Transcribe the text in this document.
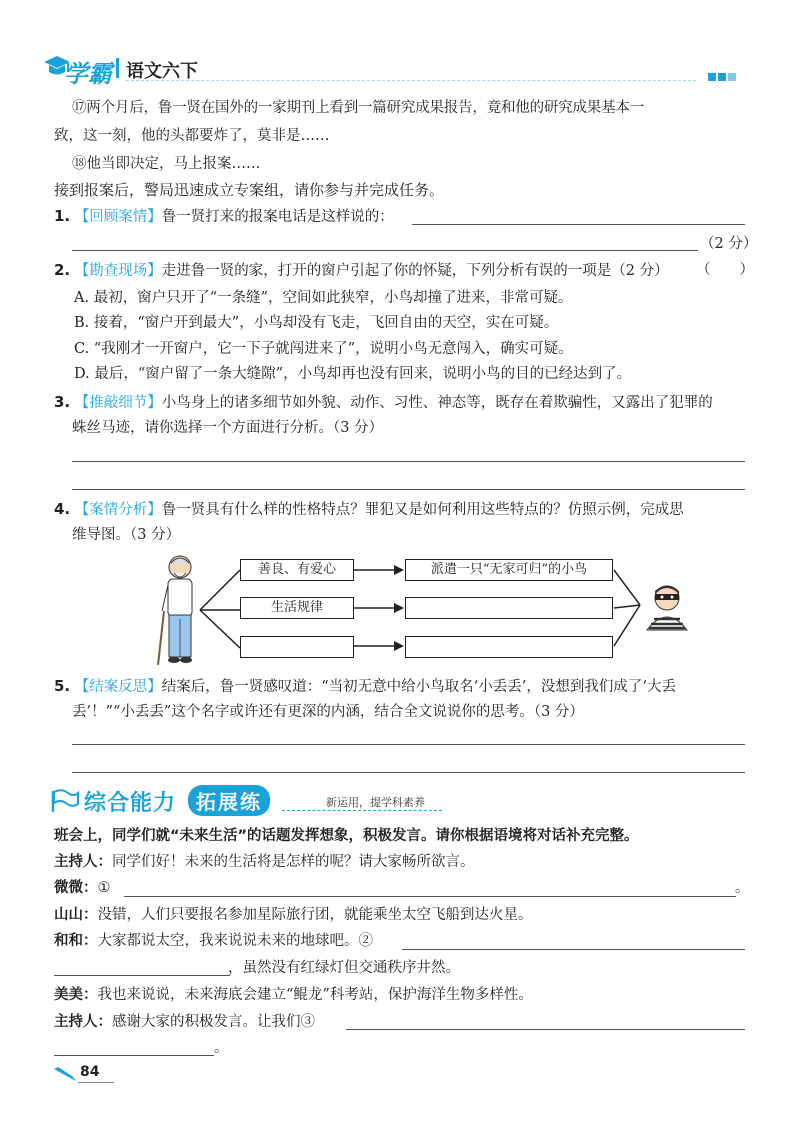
学霸 语文六下
⑰两个月后，鲁一贤在国外的一家期刊上看到一篇研究成果报告，竟和他的研究成果基本一
致，这一刻，他的头都要炸了，莫非是……
⑱他当即决定，马上报案……
接到报案后，警局迅速成立专案组，请你参与并完成任务。
1. 【回顾案情】鲁一贤打来的报案电话是这样说的：
（2 分）
2. 【勘查现场】走进鲁一贤的家，打开的窗户引起了你的怀疑，下列分析有误的一项是（2 分） （　　）
A. 最初，窗户只开了“一条缝”，空间如此狭窄，小鸟却撞了进来，非常可疑。
B. 接着，“窗户开到最大”，小鸟却没有飞走，飞回自由的天空，实在可疑。
C. “我刚才一开窗户，它一下子就闯进来了”，说明小鸟无意闯入，确实可疑。
D. 最后，“窗户留了一条大缝隙”，小鸟却再也没有回来，说明小鸟的目的已经达到了。
3. 【推敲细节】小鸟身上的诸多细节如外貌、动作、习性、神态等，既存在着欺骗性，又露出了犯罪的
蛛丝马迹，请你选择一个方面进行分析。（3 分）
4. 【案情分析】鲁一贤具有什么样的性格特点？罪犯又是如何利用这些特点的？仿照示例，完成思
维导图。（3 分）
善良、有爱心
生活规律
派遣一只“无家可归”的小鸟
5. 【结案反思】结案后，鲁一贤感叹道：“当初无意中给小鸟取名‘小丢丢’，没想到我们成了‘大丢
丢’！”“小丢丢”这个名字或许还有更深的内涵，结合全文说说你的思考。（3 分）
综合能力 拓展练	新运用，提学科素养
班会上，同学们就“未来生活”的话题发挥想象，积极发言。请你根据语境将对话补充完整。
主持人：同学们好！未来的生活将是怎样的呢？请大家畅所欲言。
微微：①	。
山山：没错，人们只要报名参加星际旅行团，就能乘坐太空飞船到达火星。
和和：大家都说太空，我来说说未来的地球吧。②
，虽然没有红绿灯但交通秩序井然。
美美：我也来说说，未来海底会建立“鲲龙”科考站，保护海洋生物多样性。
主持人：感谢大家的积极发言。让我们③
。
84
